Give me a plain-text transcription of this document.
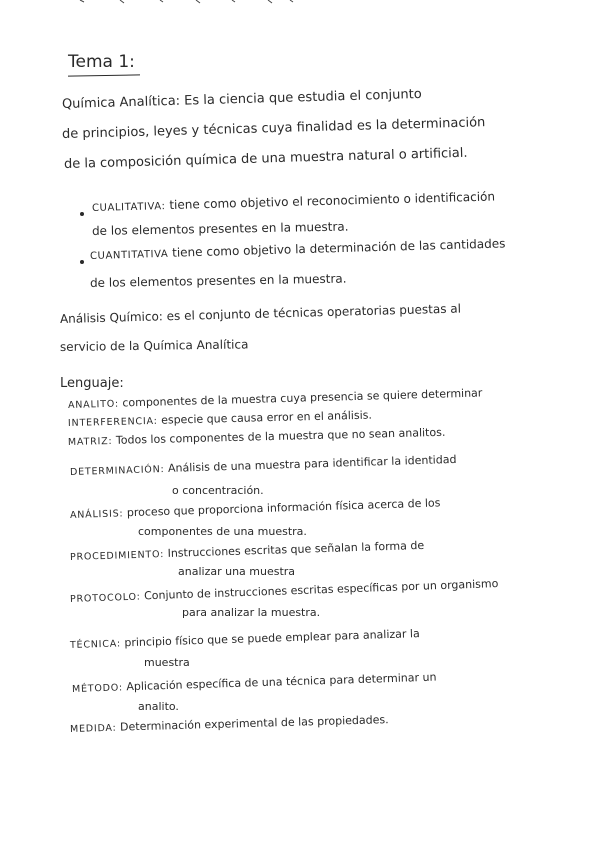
Tema 1:
Química Analítica: Es la ciencia que estudia el conjunto
de principios, leyes y técnicas cuya finalidad es la determinación
de la composición química de una muestra natural o artificial.
CUALITATIVA: tiene como objetivo el reconocimiento o identificación
de los elementos presentes en la muestra.
CUANTITATIVA tiene como objetivo la determinación de las cantidades
de los elementos presentes en la muestra.
Análisis Químico: es el conjunto de técnicas operatorias puestas al
servicio de la Química Analítica
Lenguaje:
ANALITO: componentes de la muestra cuya presencia se quiere determinar
INTERFERENCIA: especie que causa error en el análisis.
MATRIZ: Todos los componentes de la muestra que no sean analitos.
DETERMINACIÓN: Análisis de una muestra para identificar la identidad
o concentración.
ANÁLISIS: proceso que proporciona información física acerca de los
componentes de una muestra.
PROCEDIMIENTO: Instrucciones escritas que señalan la forma de
analizar una muestra
PROTOCOLO: Conjunto de instrucciones escritas específicas por un organismo
para analizar la muestra.
TÉCNICA: principio físico que se puede emplear para analizar la
muestra
MÉTODO: Aplicación específica de una técnica para determinar un
analito.
MEDIDA: Determinación experimental de las propiedades.
